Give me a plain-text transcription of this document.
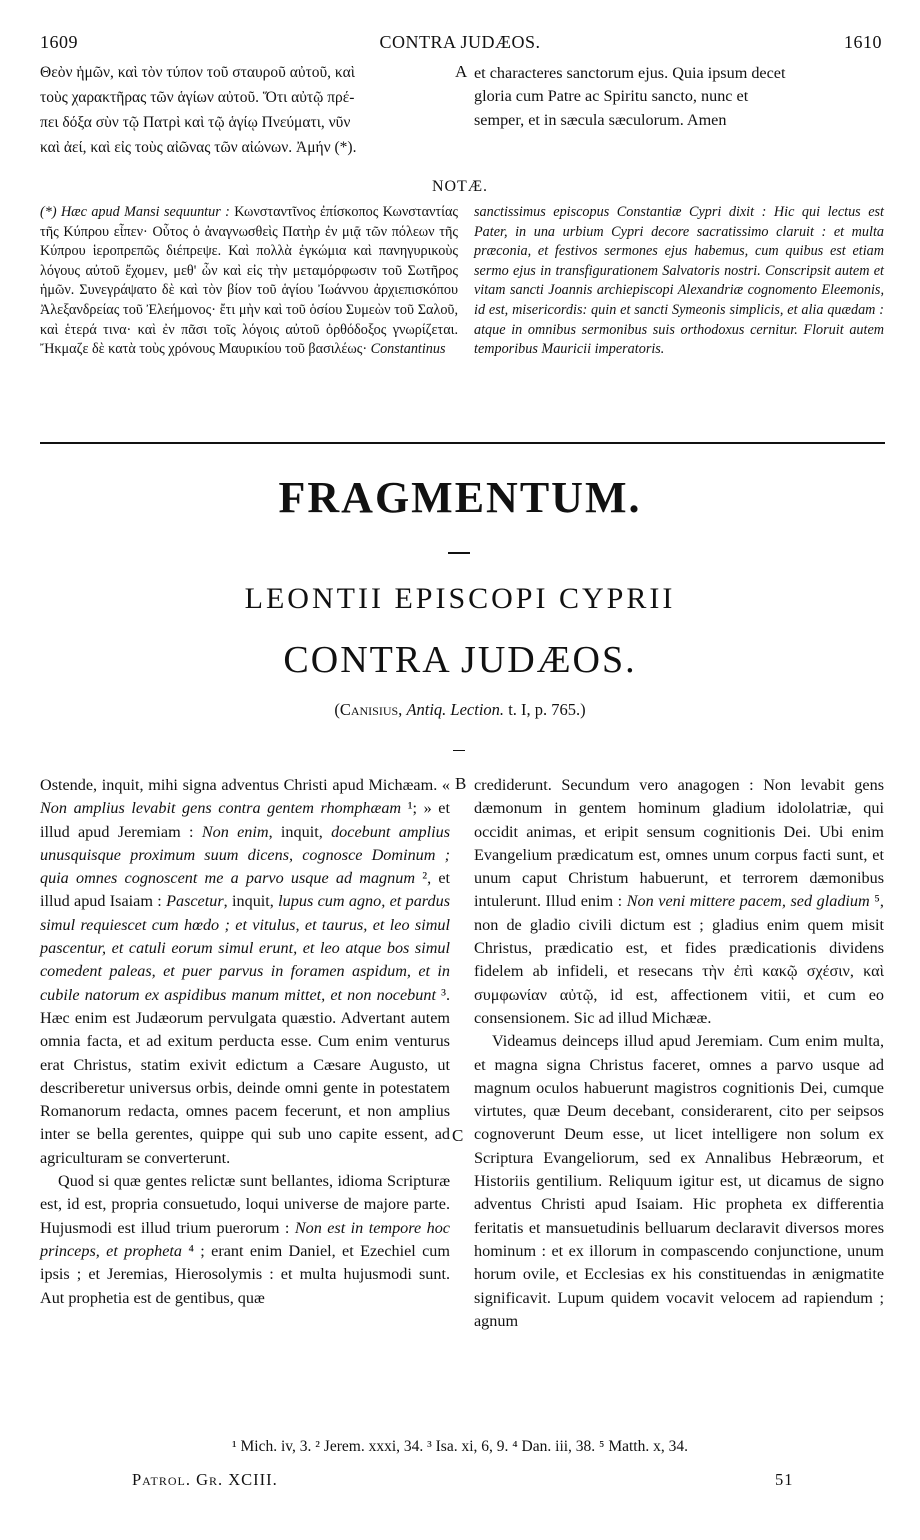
1609	CONTRA JUDÆOS.	1610
Θεὸν ἡμῶν, καὶ τὸν τύπον τοῦ σταυροῦ αὐτοῦ, καὶ
τοὺς χαρακτῆρας τῶν ἁγίων αὐτοῦ. Ὅτι αὐτῷ πρέ-
πει δόξα σὺν τῷ Πατρὶ καὶ τῷ ἁγίῳ Πνεύματι, νῦν
καὶ ἀεί, καὶ εἰς τοὺς αἰῶνας τῶν αἰώνων. Ἀμήν (*).
A et characteres sanctorum ejus. Quia ipsum decet
gloria cum Patre ac Spiritu sancto, nunc et
semper, et in sæcula sæculorum. Amen
NOTÆ.
(*) Hæc apud Mansi sequuntur : Κωνσταντῖνος ἐπίσκοπος Κωνσταντίας τῆς Κύπρου εἶπεν· Οὗτος ὁ ἀναγνωσθεὶς Πατὴρ ἐν μιᾷ τῶν πόλεων τῆς Κύπρου ἱεροπρεπῶς διέπρεψε. Καὶ πολλὰ ἐγκώμια καὶ πανηγυρικοὺς λόγους αὐτοῦ ἔχομεν, μεθ' ὧν καὶ εἰς τὴν μεταμόρφωσιν τοῦ Σωτῆρος ἡμῶν. Συνεγράψατο δὲ καὶ τὸν βίον τοῦ ἁγίου Ἰωάννου ἀρχιεπισκόπου Ἀλεξανδρείας τοῦ Ἐλεήμονος· ἔτι μὴν καὶ τοῦ ὁσίου Συμεὼν τοῦ Σαλοῦ, καὶ ἑτερά τινα· καὶ ἐν πᾶσι τοῖς λόγοις αὐτοῦ ὀρθόδοξος γνωρίζεται. Ἤκμαζε δὲ κατὰ τοὺς χρόνους Μαυρικίου τοῦ βασιλέως· Constantinus
sanctissimus episcopus Constantiæ Cypri dixit : Hic qui lectus est Pater, in una urbium Cypri decore sacratissimo claruit : et multa præconia, et festivos sermones ejus habemus, cum quibus est etiam sermo ejus in transfigurationem Salvatoris nostri. Conscripsit autem et vitam sancti Joannis archiepiscopi Alexandriæ cognomento Eleemonis, id est, misericordis: quin et sancti Symeonis simplicis, et alia quædam : atque in omnibus sermonibus suis orthodoxus cernitur. Floruit autem temporibus Mauricii imperatoris.
FRAGMENTUM.
LEONTII EPISCOPI CYPRII
CONTRA JUDÆOS.
(Canisius, Antiq. Lection. t. I, p. 765.)

Ostende, inquit, mihi signa adventus Christi apud Michæam. « Non amplius levabit gens contra gentem rhomphæam ¹; » et illud apud Jeremiam : Non enim, inquit, docebunt amplius unusquisque proximum suum dicens, cognosce Dominum ; quia omnes cognoscent me a parvo usque ad magnum ², et illud apud Isaiam : Pascetur, inquit, lupus cum agno, et pardus simul requiescet cum hœdo ; et vitulus, et taurus, et leo simul pascentur, et catuli eorum simul erunt, et leo atque bos simul comedent paleas, et puer parvus in foramen aspidum, et in cubile natorum ex aspidibus manum mittet, et non nocebunt ³. Hæc enim est Judæorum pervulgata quæstio. Advertant autem omnia facta, et ad exitum perducta esse. Cum enim venturus erat Christus, statim exivit edictum a Cæsare Augusto, ut describeretur universus orbis, deinde omni gente in potestatem Romanorum redacta, omnes pacem fecerunt, et non amplius inter se bella gerentes, quippe qui sub uno capite essent, ad agriculturam se converterunt.

Quod si quæ gentes relictæ sunt bellantes, idioma Scripturæ est, id est, propria consuetudo, loqui universe de majore parte. Hujusmodi est illud trium puerorum : Non est in tempore hoc princeps, et propheta ⁴ ; erant enim Daniel, et Ezechiel cum ipsis ; et Jeremias, Hierosolymis : et multa hujusmodi sunt. Aut prophetia est de gentibus, quæ

B
C

crediderunt. Secundum vero anagogen : Non levabit gens dæmonum in gentem hominum gladium idololatriæ, qui occidit animas, et eripit sensum cognitionis Dei. Ubi enim Evangelium prædicatum est, omnes unum corpus facti sunt, et unum caput Christum habuerunt, et terrorem dæmonibus intulerunt. Illud enim : Non veni mittere pacem, sed gladium ⁵, non de gladio civili dictum est ; gladius enim quem misit Christus, prædicatio est, et fides prædicationis dividens fidelem ab infideli, et resecans τὴν ἐπὶ κακῷ σχέσιν, καὶ συμφωνίαν αὐτῷ, id est, affectionem vitii, et cum eo consensionem. Sic ad illud Michææ.

Videamus deinceps illud apud Jeremiam. Cum enim multa, et magna signa Christus faceret, omnes a parvo usque ad magnum oculos habuerunt magistros cognitionis Dei, cumque virtutes, quæ Deum decebant, considerarent, cito per seipsos cognoverunt Deum esse, ut licet intelligere non solum ex Scriptura Evangeliorum, sed ex Annalibus Hebræorum, et Historiis gentilium. Reliquum igitur est, ut dicamus de signo adventus Christi apud Isaiam. Hic propheta ex differentia feritatis et mansuetudinis belluarum declaravit diversos mores hominum : et ex illorum in compascendo conjunctione, unum horum ovile, et Ecclesias ex his constituendas in ænigmatite significavit. Lupum quidem vocavit velocem ad rapiendum ; agnum

¹ Mich. iv, 3. ² Jerem. xxxi, 34. ³ Isa. xi, 6, 9. ⁴ Dan. iii, 38. ⁵ Matth. x, 34.
Patrol. Gr. XCIII.	51
